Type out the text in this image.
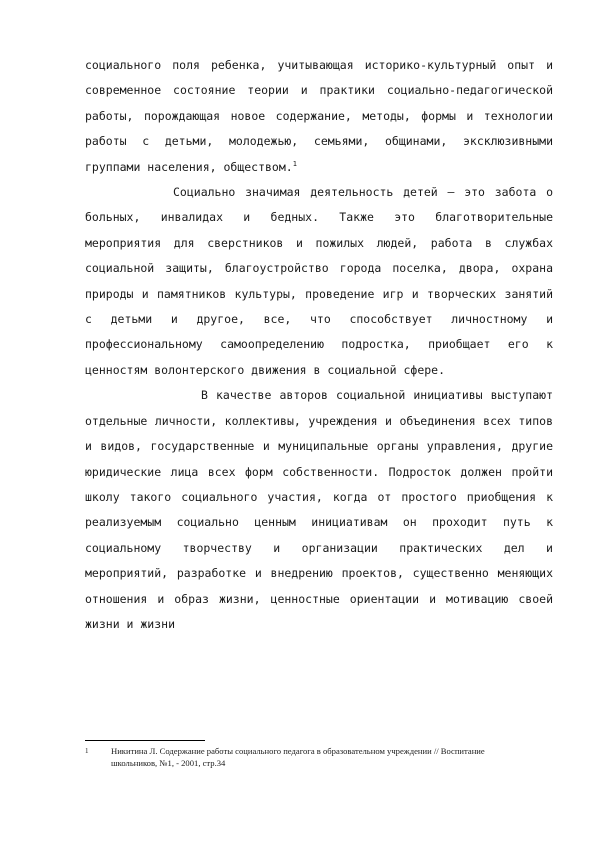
социального поля ребенка, учитывающая историко-культурный опыт и современное состояние теории и практики социально-педагогической работы, порождающая новое содержание, методы, формы и технологии работы с детьми, молодежью, семьями, общинами, эксклюзивными группами населения, обществом.$^1$

Социально значимая деятельность детей – это забота о больных, инвалидах и бедных. Также это благотворительные мероприятия для сверстников и пожилых людей, работа в службах социальной защиты, благоустройство города поселка, двора, охрана природы и памятников культуры, проведение игр и творческих занятий с детьми и другое, все, что способствует личностному и профессиональному самоопределению подростка, приобщает его к ценностям волонтерского движения в социальной сфере.

В качестве авторов социальной инициативы выступают отдельные личности, коллективы, учреждения и объединения всех типов и видов, государственные и муниципальные органы управления, другие юридические лица всех форм собственности. Подросток должен пройти школу такого социального участия, когда от простого приобщения к реализуемым социально ценным инициативам он проходит путь к социальному творчеству и организации практических дел и мероприятий, разработке и внедрению проектов, существенно меняющих отношения и образ жизни, ценностные ориентации и мотивацию своей жизни и жизни

1	Никитина Л. Содержание работы социального педагога в образовательном учреждении // Воспитание
школьников, №1, - 2001, стр.34
